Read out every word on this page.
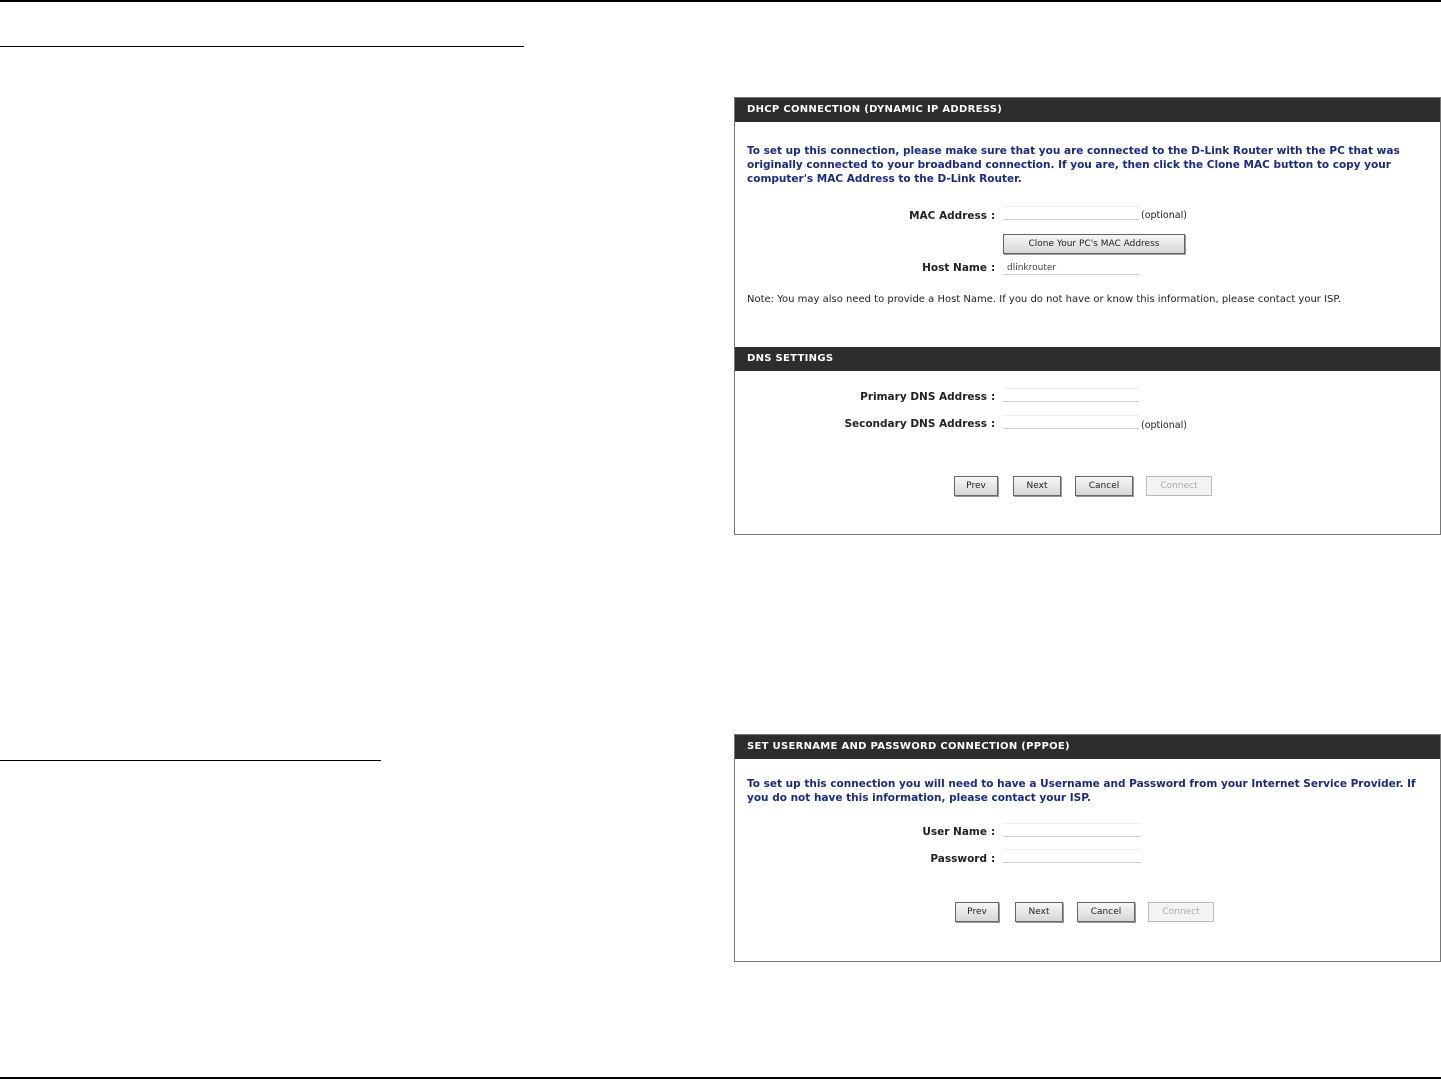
DHCP CONNECTION (DYNAMIC IP ADDRESS)

To set up this connection, please make sure that you are connected to the D-Link Router with the PC that was originally connected to your broadband connection. If you are, then click the Clone MAC button to copy your computer's MAC Address to the D-Link Router.

MAC Address :	(optional)
Clone Your PC's MAC Address
Host Name :
dlinkrouter
Note: You may also need to provide a Host Name. If you do not have or know this information, please contact your ISP.
DNS SETTINGS
Primary DNS Address :
Secondary DNS Address :	(optional)
Prev	Next	Cancel	Connect
SET USERNAME AND PASSWORD CONNECTION (PPPOE)

To set up this connection you will need to have a Username and Password from your Internet Service Provider. If you do not have this information, please contact your ISP.

User Name :
Password :
Prev	Next	Cancel	Connect
